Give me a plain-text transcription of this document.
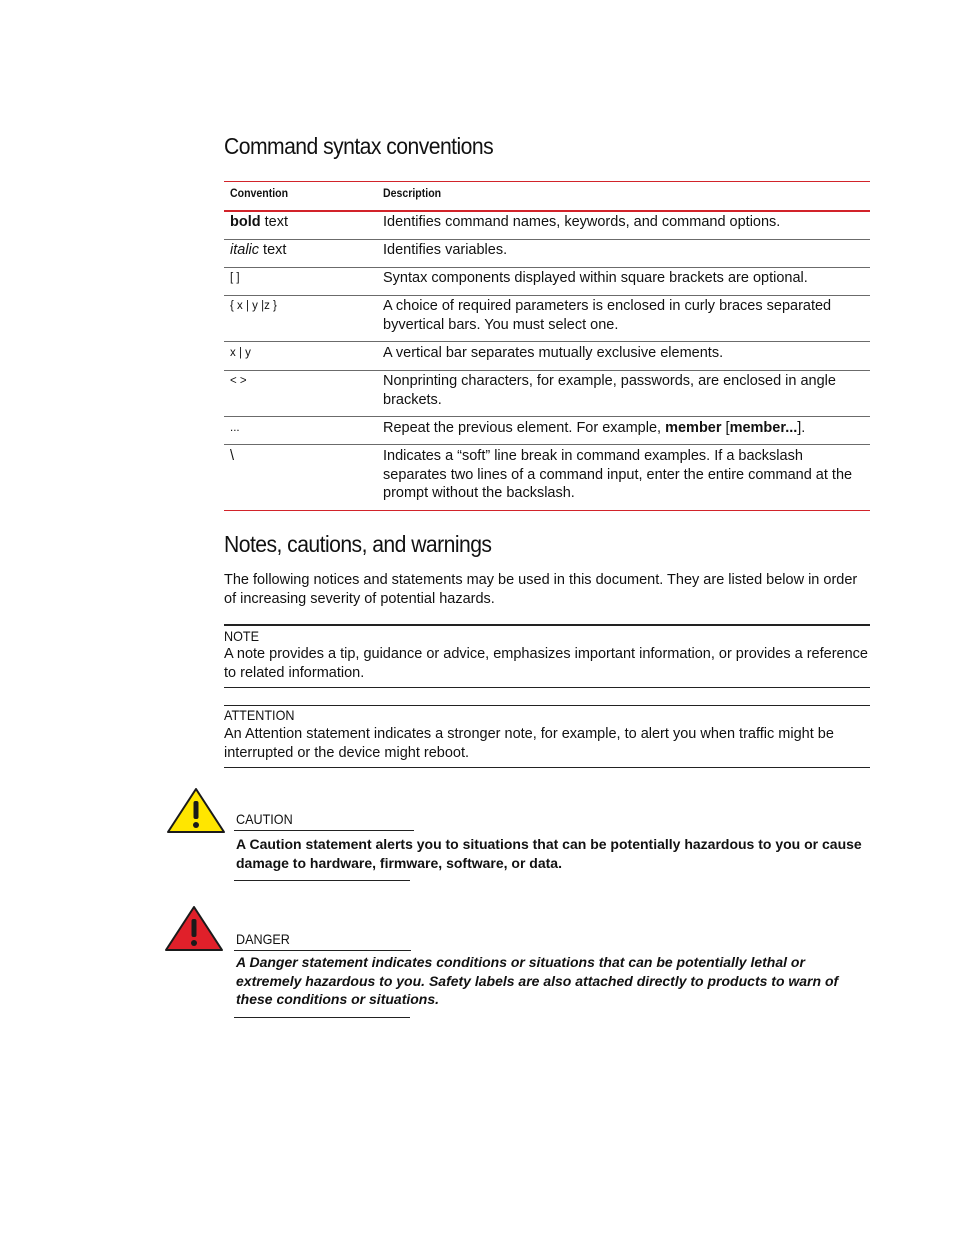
Command syntax conventions
Convention	Description
bold text	Identifies command names, keywords, and command options.
italic text	Identifies variables.
[ ]	Syntax components displayed within square brackets are optional.
{ x | y |z }	A choice of required parameters is enclosed in curly braces separated byvertical bars. You must select one.
x | y	A vertical bar separates mutually exclusive elements.
< >	Nonprinting characters, for example, passwords, are enclosed in angle brackets.
...	Repeat the previous element. For example, member [member...].
\	Indicates a “soft” line break in command examples. If a backslash separates two lines of a command input, enter the entire command at the prompt without the backslash.
Notes, cautions, and warnings
The following notices and statements may be used in this document. They are listed below in order of increasing severity of potential hazards.
NOTE
A note provides a tip, guidance or advice, emphasizes important information, or provides a reference to related information.
ATTENTION
An Attention statement indicates a stronger note, for example, to alert you when traffic might be interrupted or the device might reboot.
CAUTION
A Caution statement alerts you to situations that can be potentially hazardous to you or cause damage to hardware, firmware, software, or data.
DANGER
A Danger statement indicates conditions or situations that can be potentially lethal or extremely hazardous to you. Safety labels are also attached directly to products to warn of these conditions or situations.
